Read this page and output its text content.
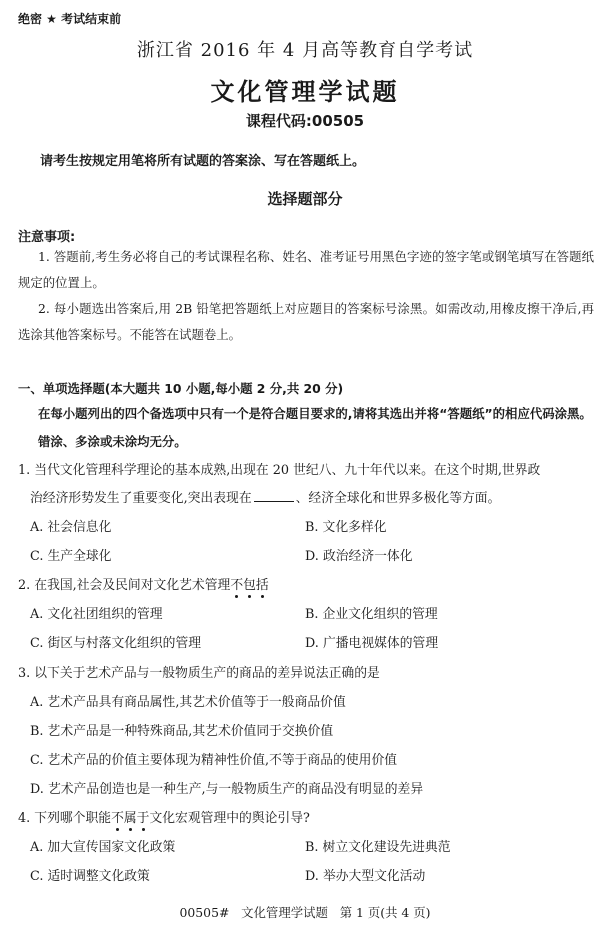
绝密 ★ 考试结束前

浙江省 2016 年 4 月高等教育自学考试

文化管理学试题

课程代码:00505

请考生按规定用笔将所有试题的答案涂、写在答题纸上。

选择题部分

注意事项:

1. 答题前,考生务必将自己的考试课程名称、姓名、准考证号用黑色字迹的签字笔或钢笔填写在答题纸规定的位置上。

2. 每小题选出答案后,用 2B 铅笔把答题纸上对应题目的答案标号涂黑。如需改动,用橡皮擦干净后,再选涂其他答案标号。不能答在试题卷上。

一、单项选择题(本大题共 10 小题,每小题 2 分,共 20 分)

在每小题列出的四个备选项中只有一个是符合题目要求的,请将其选出并将“答题纸”的相应代码涂黑。错涂、多涂或未涂均无分。

1. 当代文化管理科学理论的基本成熟,出现在 20 世纪八、九十年代以来。在这个时期,世界政

治经济形势发生了重要变化,突出表现在	、经济全球化和世界多极化等方面。

A. 社会信息化	B. 文化多样化

C. 生产全球化	D. 政治经济一体化

2. 在我国,社会及民间对文化艺术管理不包括

A. 文化社团组织的管理	B. 企业文化组织的管理

C. 街区与村落文化组织的管理	D. 广播电视媒体的管理

3. 以下关于艺术产品与一般物质生产的商品的差异说法正确的是

A. 艺术产品具有商品属性,其艺术价值等于一般商品价值

B. 艺术产品是一种特殊商品,其艺术价值同于交换价值

C. 艺术产品的价值主要体现为精神性价值,不等于商品的使用价值

D. 艺术产品创造也是一种生产,与一般物质生产的商品没有明显的差异

4. 下列哪个职能不属于文化宏观管理中的舆论引导?

A. 加大宣传国家文化政策	B. 树立文化建设先进典范

C. 适时调整文化政策	D. 举办大型文化活动

00505#   文化管理学试题   第 1 页(共 4 页)
